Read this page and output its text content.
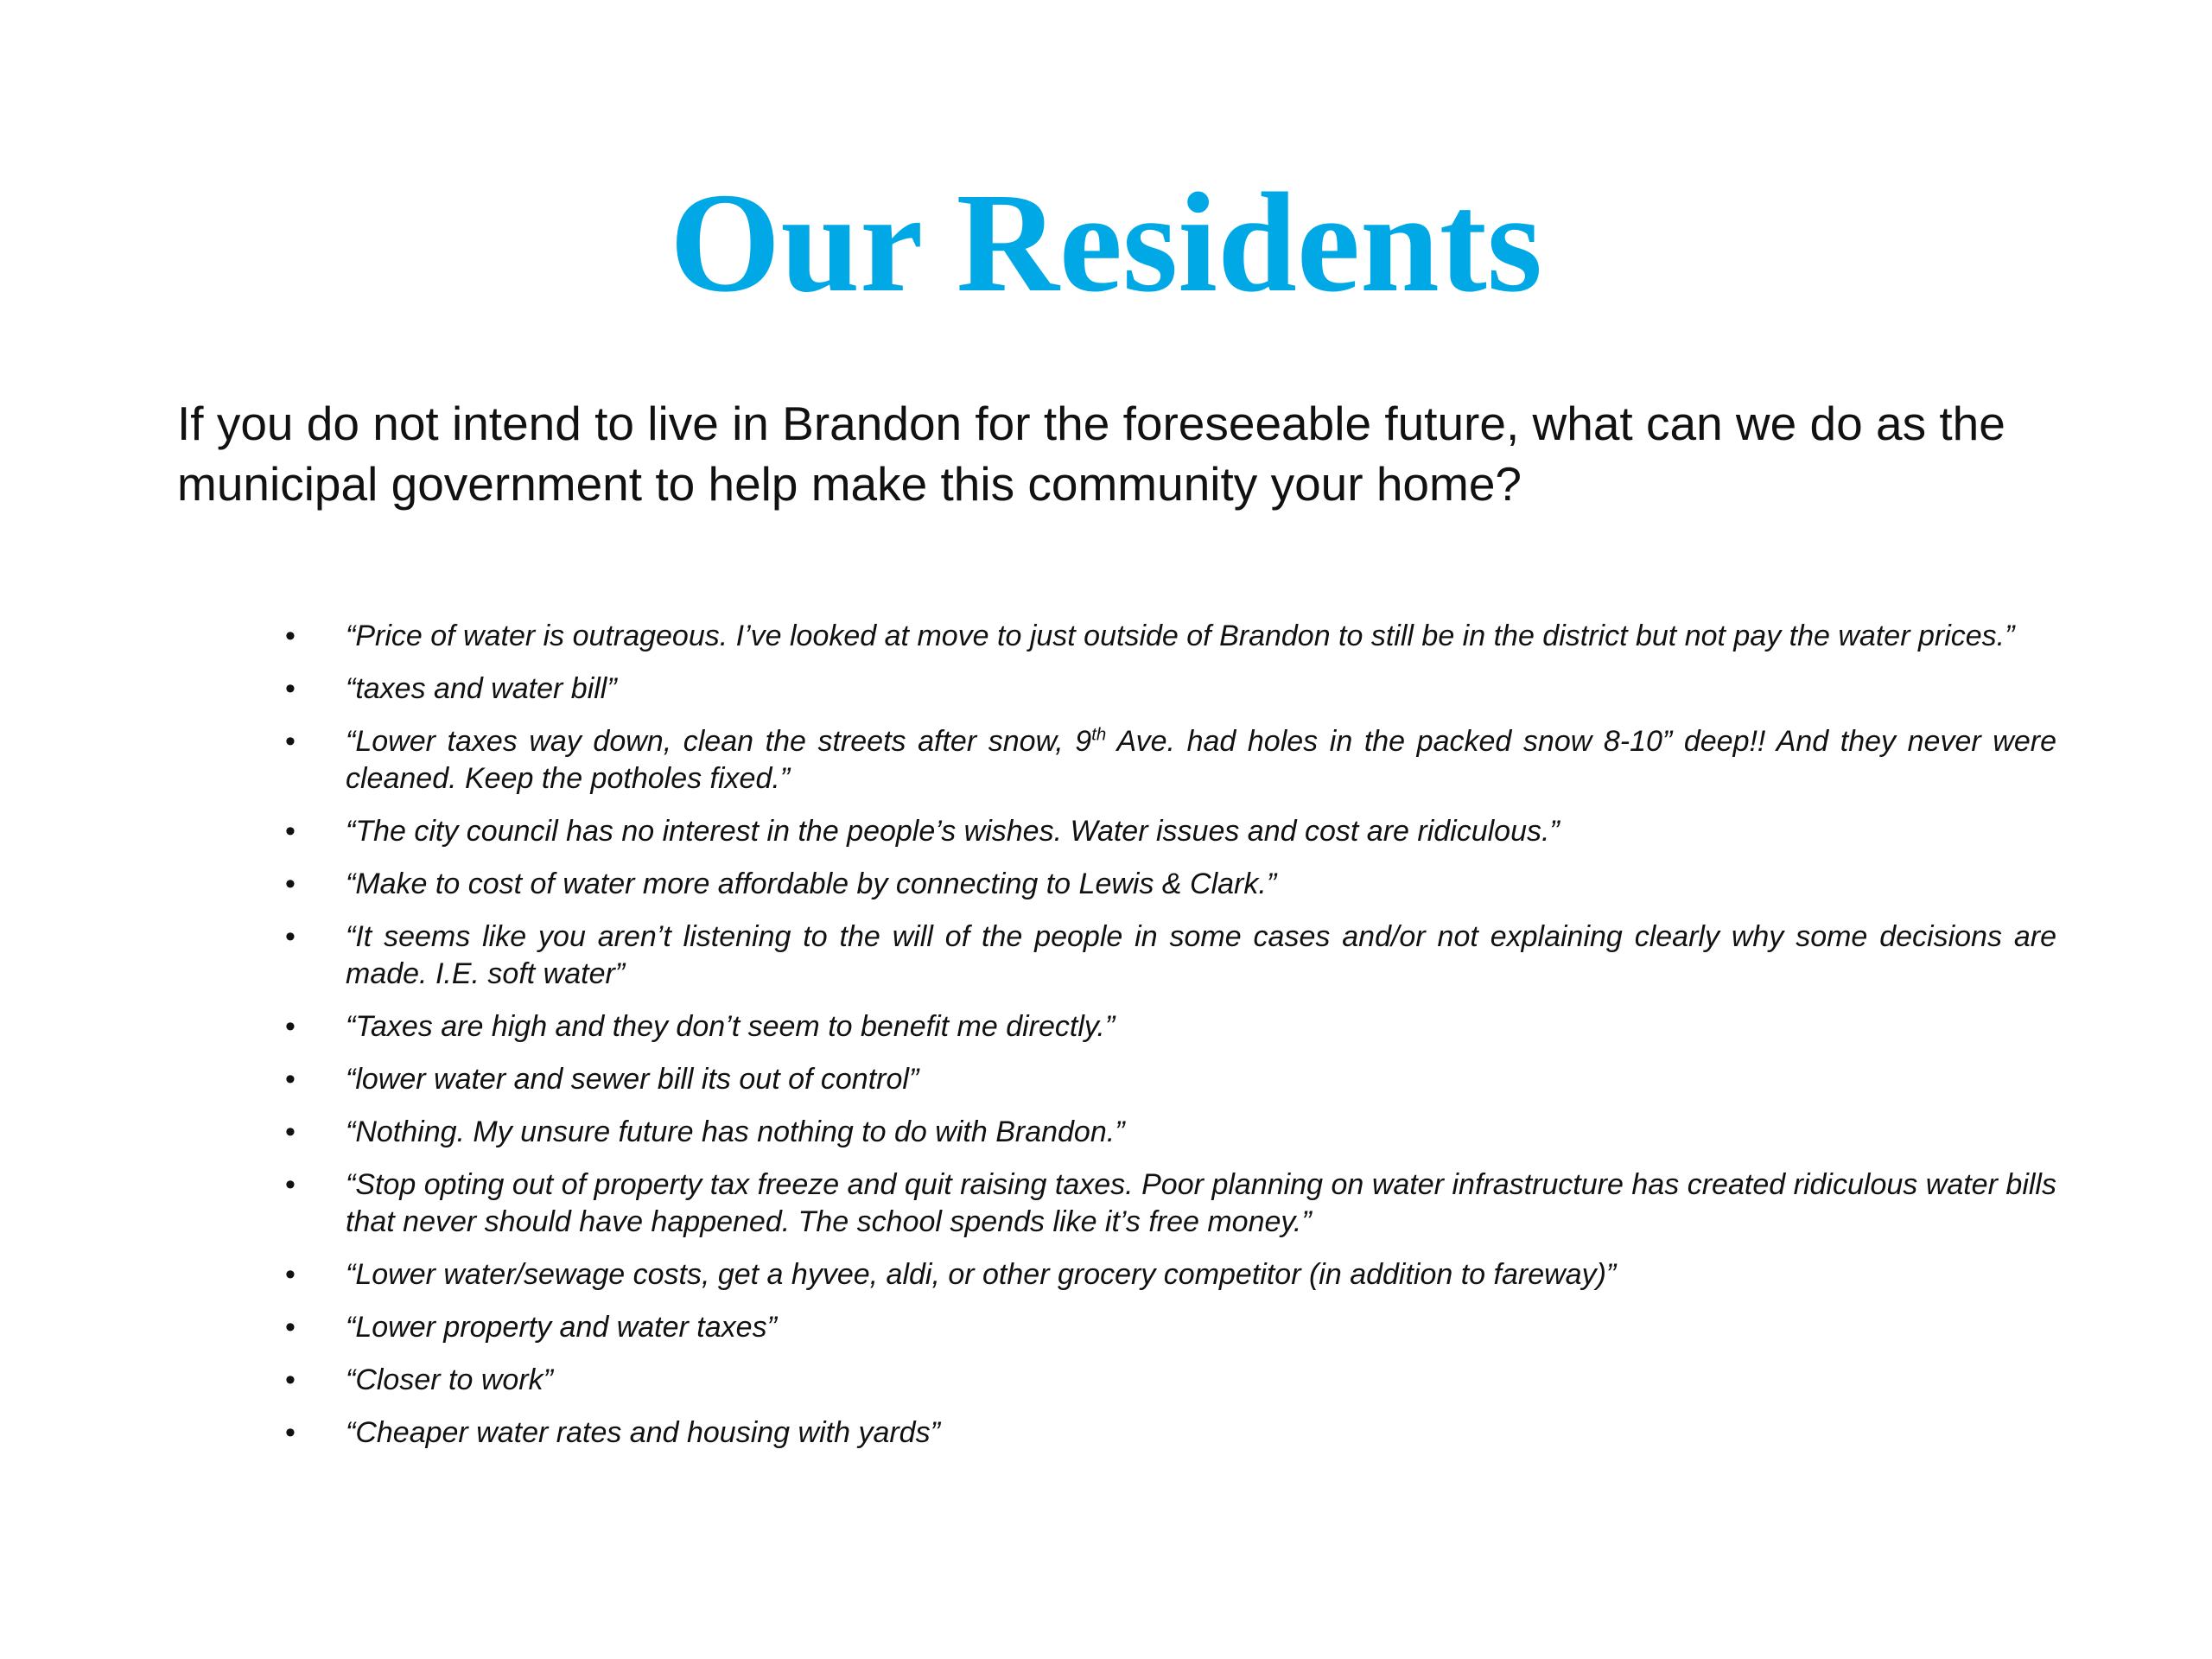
Our Residents

If you do not intend to live in Brandon for the foreseeable future, what can we do as the municipal government to help make this community your home?

• “Price of water is outrageous. I’ve looked at move to just outside of Brandon to still be in the district but not pay the water prices.”
• “taxes and water bill”
• “Lower taxes way down, clean the streets after snow, 9th Ave. had holes in the packed snow 8-10” deep!! And they never were cleaned. Keep the potholes fixed.”
• “The city council has no interest in the people’s wishes. Water issues and cost are ridiculous.”
• “Make to cost of water more affordable by connecting to Lewis & Clark.”
• “It seems like you aren’t listening to the will of the people in some cases and/or not explaining clearly why some decisions are made. I.E. soft water”
• “Taxes are high and they don’t seem to benefit me directly.”
• “lower water and sewer bill its out of control”
• “Nothing. My unsure future has nothing to do with Brandon.”
• “Stop opting out of property tax freeze and quit raising taxes. Poor planning on water infrastructure has created ridiculous water bills that never should have happened. The school spends like it’s free money.”
• “Lower water/sewage costs, get a hyvee, aldi, or other grocery competitor (in addition to fareway)”
• “Lower property and water taxes”
• “Closer to work”
• “Cheaper water rates and housing with yards”
